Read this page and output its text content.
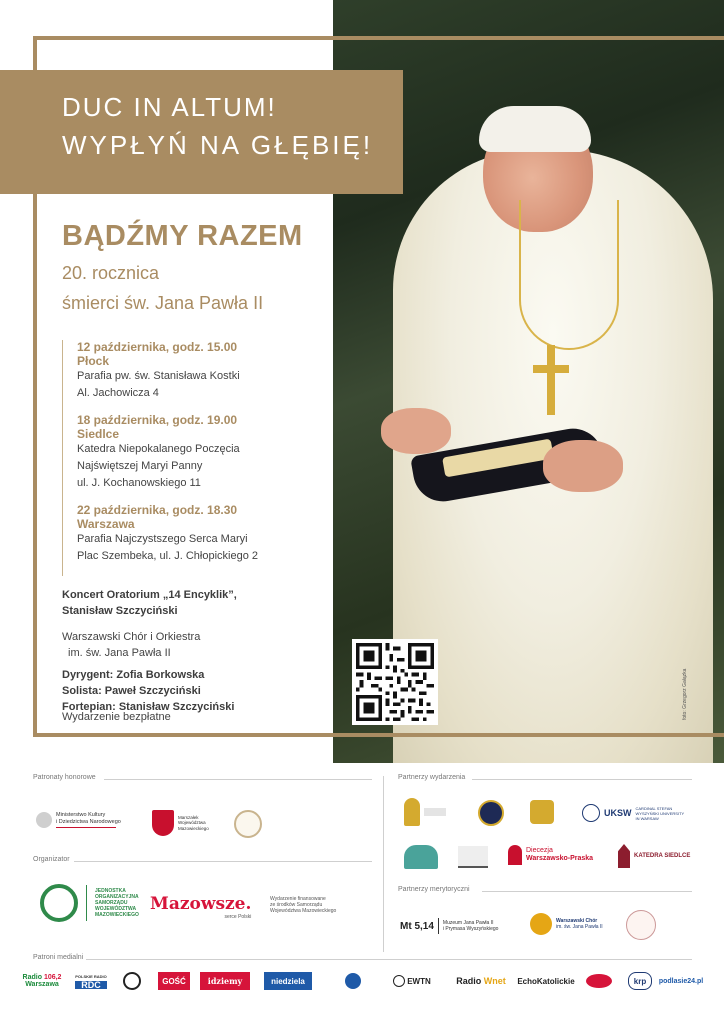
foto: Grzegorz Gałązka
DUC IN ALTUM!
WYPŁYŃ NA GŁĘBIĘ!
BĄDŹMY RAZEM
20. rocznica
śmierci św. Jana Pawła II
12 października, godz. 15.00
Płock
Parafia pw. św. Stanisława Kostki
Al. Jachowicza 4
18 października, godz. 19.00
Siedlce
Katedra Niepokalanego Poczęcia
Najświętszej Maryi Panny
ul. J. Kochanowskiego 11
22 października, godz. 18.30
Warszawa
Parafia Najczystszego Serca Maryi
Plac Szembeka, ul. J. Chłopickiego 2
Koncert Oratorium „14 Encyklik”,
Stanisław Szczyciński
Warszawski Chór i Orkiestra
im. św. Jana Pawła II
Dyrygent: Zofia Borkowska
Solista: Paweł Szczyciński
Fortepian: Stanisław Szczyciński
Wydarzenie bezpłatne
Patronaty honorowe	Partnerzy wydarzenia
Ministerstwo Kultury
i Dziedzictwa Narodowego
Marszałek
Województwa
Mazowieckiego
UKSW CARDINAL STEFAN
WYSZYŃSKI UNIVERSITY
IN WARSAW
Diecezja
Warszawsko-Praska	KATEDRA SIEDLCE
Organizator
JEDNOSTKA
ORGANIZACYJNA
SAMORZĄDU
WOJEWÓDZTWA
MAZOWIECKIEGO
Mazowsze.
serce Polski
Wydarzenie finansowane
ze środków Samorządu
Województwa Mazowieckiego
Partnerzy merytoryczni
Mt 5,14 Muzeum Jana Pawła II
i Prymasa Wyszyńskiego
Warszawski Chór
im. św. Jana Pawła II
Patroni medialni
Radio 106,2
Warszawa
POLSKIE RADIO
RDC	GOŚĆ	idziemy	niedziela	EWTN	Radio
Wnet EchoKatolickie	krp	podlasie24.pl
